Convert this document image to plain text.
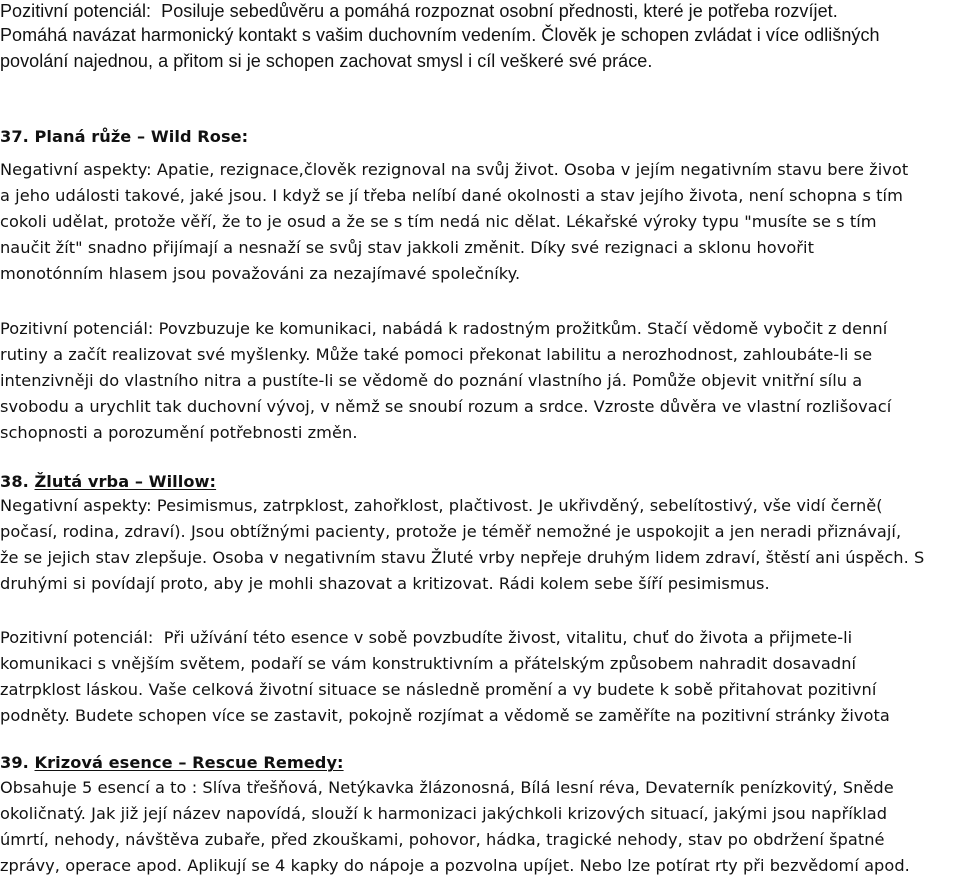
Pozitivní potenciál:  Posiluje sebedůvěru a pomáhá rozpoznat osobní přednosti, které je potřeba rozvíjet.

Pomáhá navázat harmonický kontakt s vašim duchovním vedením. Člověk je schopen zvládat i více odlišných

povolání najednou, a přitom si je schopen zachovat smysl i cíl veškeré své práce.

37. Planá růže – Wild Rose:

Negativní aspekty: Apatie, rezignace,člověk rezignoval na svůj život. Osoba v jejím negativním stavu bere život

a jeho události takové, jaké jsou. I když se jí třeba nelíbí dané okolnosti a stav jejího života, není schopna s tím

cokoli udělat, protože věří, že to je osud a že se s tím nedá nic dělat. Lékařské výroky typu "musíte se s tím

naučit žít" snadno přijímají a nesnaží se svůj stav jakkoli změnit. Díky své rezignaci a sklonu hovořit

monotónním hlasem jsou považováni za nezajímavé společníky.

Pozitivní potenciál: Povzbuzuje ke komunikaci, nabádá k radostným prožitkům. Stačí vědomě vybočit z denní

rutiny a začít realizovat své myšlenky. Může také pomoci překonat labilitu a nerozhodnost, zahloubáte-li se

intenzivněji do vlastního nitra a pustíte-li se vědomě do poznání vlastního já. Pomůže objevit vnitřní sílu a

svobodu a urychlit tak duchovní vývoj, v němž se snoubí rozum a srdce. Vzroste důvěra ve vlastní rozlišovací

schopnosti a porozumění potřebnosti změn.

38. Žlutá vrba – Willow:

Negativní aspekty: Pesimismus, zatrpklost, zahořklost, plačtivost. Je ukřivděný, sebelítostivý, vše vidí černě(

počasí, rodina, zdraví). Jsou obtížnými pacienty, protože je téměř nemožné je uspokojit a jen neradi přiznávají,

že se jejich stav zlepšuje. Osoba v negativním stavu Žluté vrby nepřeje druhým lidem zdraví, štěstí ani úspěch. S

druhými si povídají proto, aby je mohli shazovat a kritizovat. Rádi kolem sebe šíří pesimismus.

Pozitivní potenciál:  Při užívání této esence v sobě povzbudíte živost, vitalitu, chuť do života a přijmete-li

komunikaci s vnějším světem, podaří se vám konstruktivním a přátelským způsobem nahradit dosavadní

zatrpklost láskou. Vaše celková životní situace se následně promění a vy budete k sobě přitahovat pozitivní

podněty. Budete schopen více se zastavit, pokojně rozjímat a vědomě se zaměříte na pozitivní stránky života

39. Krizová esence – Rescue Remedy:

Obsahuje 5 esencí a to : Slíva třešňová, Netýkavka žlázonosná, Bílá lesní réva, Devaterník penízkovitý, Sněde

okoličnatý. Jak již její název napovídá, slouží k harmonizaci jakýchkoli krizových situací, jakými jsou například

úmrtí, nehody, návštěva zubaře, před zkouškami, pohovor, hádka, tragické nehody, stav po obdržení špatné

zprávy, operace apod. Aplikují se 4 kapky do nápoje a pozvolna upíjet. Nebo lze potírat rty při bezvědomí apod.
